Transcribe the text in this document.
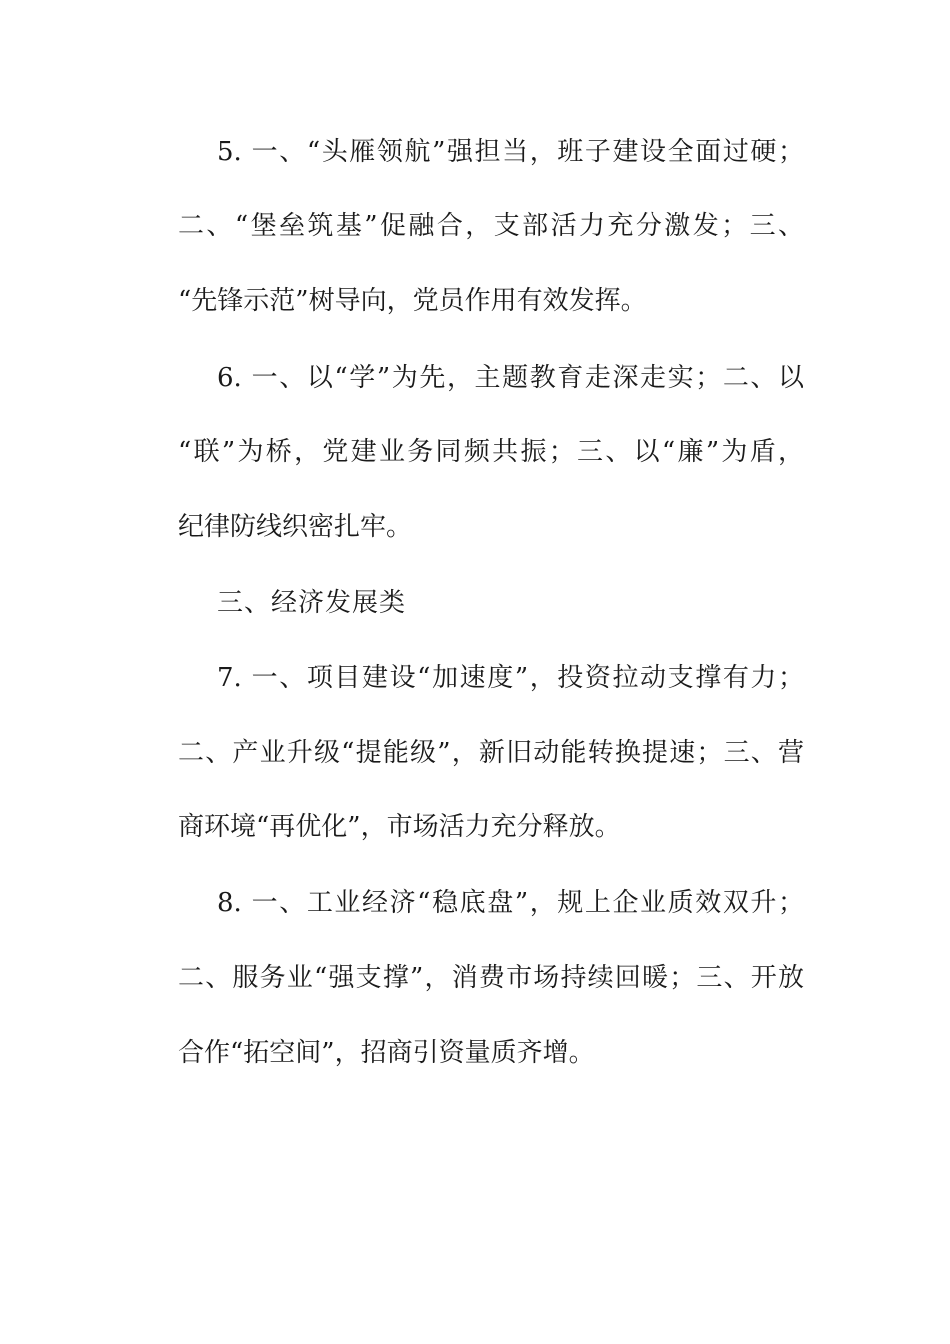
5. 一、“头雁领航”强担当，班子建设全面过硬；
二、“堡垒筑基”促融合，支部活力充分激发；三、
“先锋示范”树导向，党员作用有效发挥。
6. 一、以“学”为先，主题教育走深走实；二、以
“联”为桥，党建业务同频共振；三、以“廉”为盾，
纪律防线织密扎牢。
三、经济发展类
7. 一、项目建设“加速度”，投资拉动支撑有力；
二、产业升级“提能级”，新旧动能转换提速；三、营
商环境“再优化”，市场活力充分释放。
8. 一、工业经济“稳底盘”，规上企业质效双升；
二、服务业“强支撑”，消费市场持续回暖；三、开放
合作“拓空间”，招商引资量质齐增。
